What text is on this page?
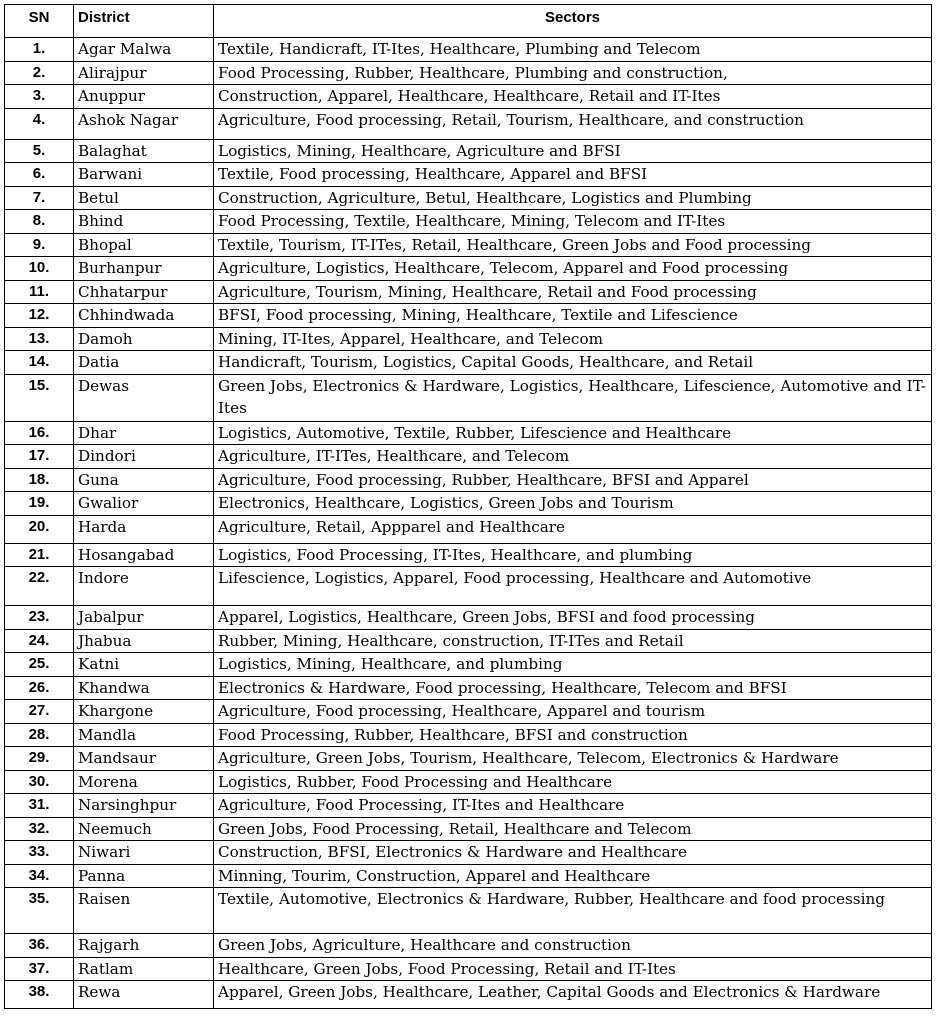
SN	District	Sectors
1.	Agar Malwa	Textile, Handicraft, IT-Ites, Healthcare, Plumbing and Telecom
2.	Alirajpur	Food Processing, Rubber, Healthcare, Plumbing and construction,
3.	Anuppur	Construction, Apparel, Healthcare, Healthcare, Retail and IT-Ites
4.	Ashok Nagar	Agriculture, Food processing, Retail, Tourism, Healthcare, and construction
5.	Balaghat	Logistics, Mining, Healthcare, Agriculture and BFSI
6.	Barwani	Textile, Food processing, Healthcare, Apparel and BFSI
7.	Betul	Construction, Agriculture, Betul, Healthcare, Logistics and Plumbing
8.	Bhind	Food Processing, Textile, Healthcare, Mining, Telecom and IT-Ites
9.	Bhopal	Textile, Tourism, IT-ITes, Retail, Healthcare, Green Jobs and Food processing
10.	Burhanpur	Agriculture, Logistics, Healthcare, Telecom, Apparel and Food processing
11.	Chhatarpur	Agriculture, Tourism, Mining, Healthcare, Retail and Food processing
12.	Chhindwada	BFSI, Food processing, Mining, Healthcare, Textile and Lifescience
13.	Damoh	Mining, IT-Ites, Apparel, Healthcare, and Telecom
14.	Datia	Handicraft, Tourism, Logistics, Capital Goods, Healthcare, and Retail
15.	Dewas	Green Jobs, Electronics & Hardware, Logistics, Healthcare, Lifescience, Automotive and IT-Ites
16.	Dhar	Logistics, Automotive, Textile, Rubber, Lifescience and Healthcare
17.	Dindori	Agriculture, IT-ITes, Healthcare, and Telecom
18.	Guna	Agriculture, Food processing, Rubber, Healthcare, BFSI and Apparel
19.	Gwalior	Electronics, Healthcare, Logistics, Green Jobs and Tourism
20.	Harda	Agriculture, Retail, Appparel and Healthcare
21.	Hosangabad	Logistics, Food Processing, IT-Ites, Healthcare, and plumbing
22.	Indore	Lifescience, Logistics, Apparel, Food processing, Healthcare and Automotive
23.	Jabalpur	Apparel, Logistics, Healthcare, Green Jobs, BFSI and food processing
24.	Jhabua	Rubber, Mining, Healthcare, construction, IT-ITes and Retail
25.	Katni	Logistics, Mining, Healthcare, and plumbing
26.	Khandwa	Electronics & Hardware, Food processing, Healthcare, Telecom and BFSI
27.	Khargone	Agriculture, Food processing, Healthcare, Apparel and tourism
28.	Mandla	Food Processing, Rubber, Healthcare, BFSI and construction
29.	Mandsaur	Agriculture, Green Jobs, Tourism, Healthcare, Telecom, Electronics & Hardware
30.	Morena	Logistics, Rubber, Food Processing and Healthcare
31.	Narsinghpur	Agriculture, Food Processing, IT-Ites and Healthcare
32.	Neemuch	Green Jobs, Food Processing, Retail, Healthcare and Telecom
33.	Niwari	Construction, BFSI, Electronics & Hardware and Healthcare
34.	Panna	Minning, Tourim, Construction, Apparel and Healthcare
35.	Raisen	Textile, Automotive, Electronics & Hardware, Rubber, Healthcare and food processing
36.	Rajgarh	Green Jobs, Agriculture, Healthcare and construction
37.	Ratlam	Healthcare, Green Jobs, Food Processing, Retail and IT-Ites
38.	Rewa	Apparel, Green Jobs, Healthcare, Leather, Capital Goods and Electronics & Hardware
